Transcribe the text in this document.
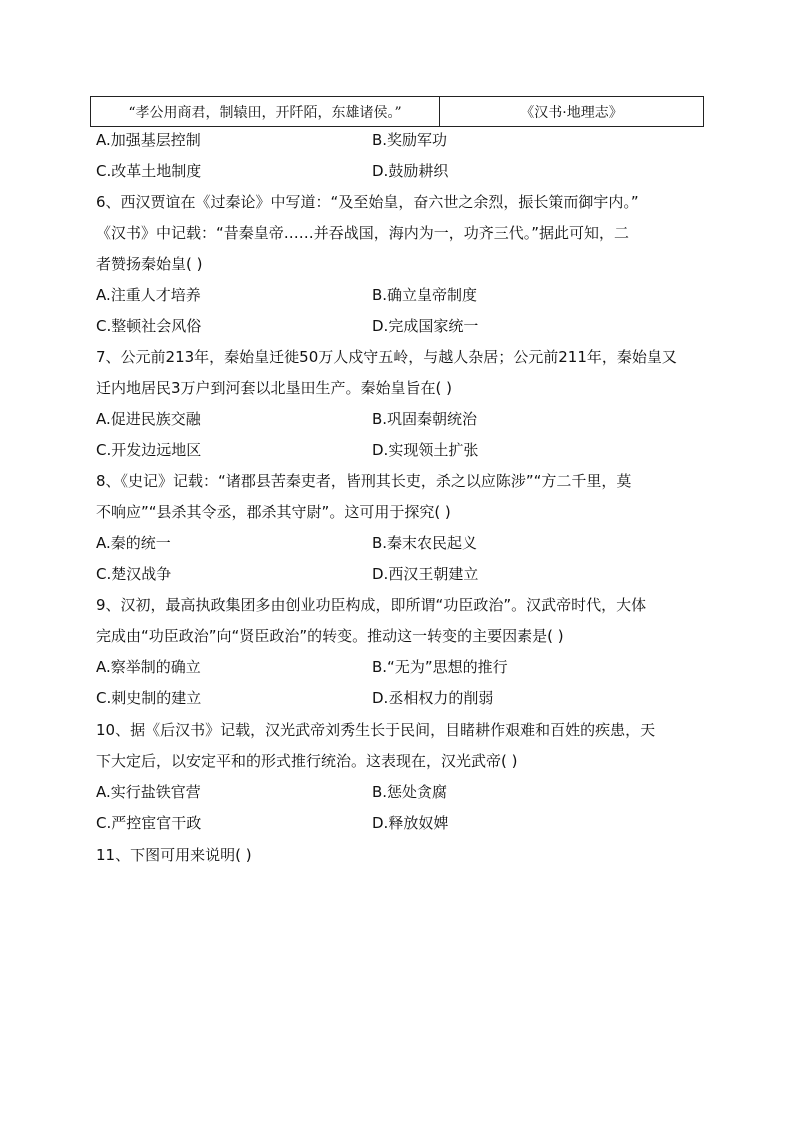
“孝公用商君，制辕田，开阡陌，东雄诸侯。”	《汉书·地理志》
A.加强基层控制	B.奖励军功
C.改革土地制度	D.鼓励耕织
6、西汉贾谊在《过秦论》中写道：“及至始皇，奋六世之余烈，振长策而御宇内。”
《汉书》中记载：“昔秦皇帝……并吞战国，海内为一，功齐三代。”据此可知，二
者赞扬秦始皇( )
A.注重人才培养	B.确立皇帝制度
C.整顿社会风俗	D.完成国家统一
7、公元前213年，秦始皇迁徙50万人戍守五岭，与越人杂居；公元前211年，秦始皇又
迁内地居民3万户到河套以北垦田生产。秦始皇旨在( )
A.促进民族交融	B.巩固秦朝统治
C.开发边远地区	D.实现领土扩张
8、《史记》记载：“诸郡县苦秦吏者，皆刑其长吏，杀之以应陈涉”“方二千里，莫
不响应”“县杀其令丞，郡杀其守尉”。这可用于探究( )
A.秦的统一	B.秦末农民起义
C.楚汉战争	D.西汉王朝建立
9、汉初，最高执政集团多由创业功臣构成，即所谓“功臣政治”。汉武帝时代，大体
完成由“功臣政治”向“贤臣政治”的转变。推动这一转变的主要因素是( )
A.察举制的确立	B.“无为”思想的推行
C.刺史制的建立	D.丞相权力的削弱
10、据《后汉书》记载，汉光武帝刘秀生长于民间，目睹耕作艰难和百姓的疾患，天
下大定后，以安定平和的形式推行统治。这表现在，汉光武帝( )
A.实行盐铁官营	B.惩处贪腐
C.严控宦官干政	D.释放奴婢
11、下图可用来说明( )
